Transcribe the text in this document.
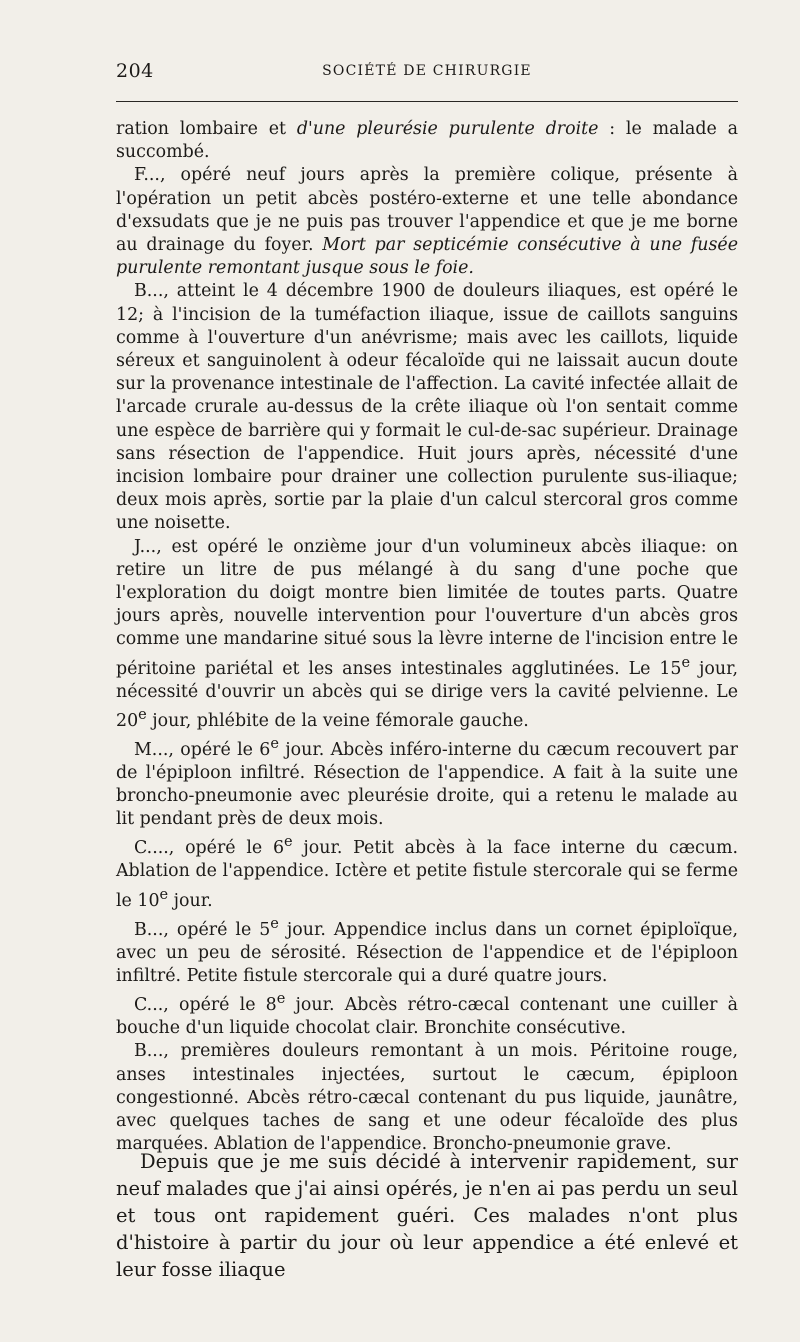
204	SOCIÉTÉ DE CHIRURGIE

ration lombaire et d'une pleurésie purulente droite : le malade a succombé.

F..., opéré neuf jours après la première colique, présente à l'opération un petit abcès postéro-externe et une telle abondance d'exsudats que je ne puis pas trouver l'appendice et que je me borne au drainage du foyer. Mort par septicémie consécutive à une fusée purulente remontant jusque sous le foie.

B..., atteint le 4 décembre 1900 de douleurs iliaques, est opéré le 12; à l'incision de la tuméfaction iliaque, issue de caillots sanguins comme à l'ouverture d'un anévrisme; mais avec les caillots, liquide séreux et sanguinolent à odeur fécaloïde qui ne laissait aucun doute sur la provenance intestinale de l'affection. La cavité infectée allait de l'arcade crurale au-dessus de la crête iliaque où l'on sentait comme une espèce de barrière qui y formait le cul-de-sac supérieur. Drainage sans résection de l'appendice. Huit jours après, nécessité d'une incision lombaire pour drainer une collection purulente sus-iliaque; deux mois après, sortie par la plaie d'un calcul stercoral gros comme une noisette.

J..., est opéré le onzième jour d'un volumineux abcès iliaque: on retire un litre de pus mélangé à du sang d'une poche que l'exploration du doigt montre bien limitée de toutes parts. Quatre jours après, nouvelle intervention pour l'ouverture d'un abcès gros comme une mandarine situé sous la lèvre interne de l'incision entre le péritoine pariétal et les anses intestinales agglutinées. Le 15e jour, nécessité d'ouvrir un abcès qui se dirige vers la cavité pelvienne. Le 20e jour, phlébite de la veine fémorale gauche.

M..., opéré le 6e jour. Abcès inféro-interne du cæcum recouvert par de l'épiploon infiltré. Résection de l'appendice. A fait à la suite une broncho-pneumonie avec pleurésie droite, qui a retenu le malade au lit pendant près de deux mois.

C...., opéré le 6e jour. Petit abcès à la face interne du cæcum. Ablation de l'appendice. Ictère et petite fistule stercorale qui se ferme le 10e jour.

B..., opéré le 5e jour. Appendice inclus dans un cornet épiploïque, avec un peu de sérosité. Résection de l'appendice et de l'épiploon infiltré. Petite fistule stercorale qui a duré quatre jours.

C..., opéré le 8e jour. Abcès rétro-cæcal contenant une cuiller à bouche d'un liquide chocolat clair. Bronchite consécutive.

B..., premières douleurs remontant à un mois. Péritoine rouge, anses intestinales injectées, surtout le cæcum, épiploon congestionné. Abcès rétro-cæcal contenant du pus liquide, jaunâtre, avec quelques taches de sang et une odeur fécaloïde des plus marquées. Ablation de l'appendice. Broncho-pneumonie grave.

Depuis que je me suis décidé à intervenir rapidement, sur neuf malades que j'ai ainsi opérés, je n'en ai pas perdu un seul et tous ont rapidement guéri. Ces malades n'ont plus d'histoire à partir du jour où leur appendice a été enlevé et leur fosse iliaque
